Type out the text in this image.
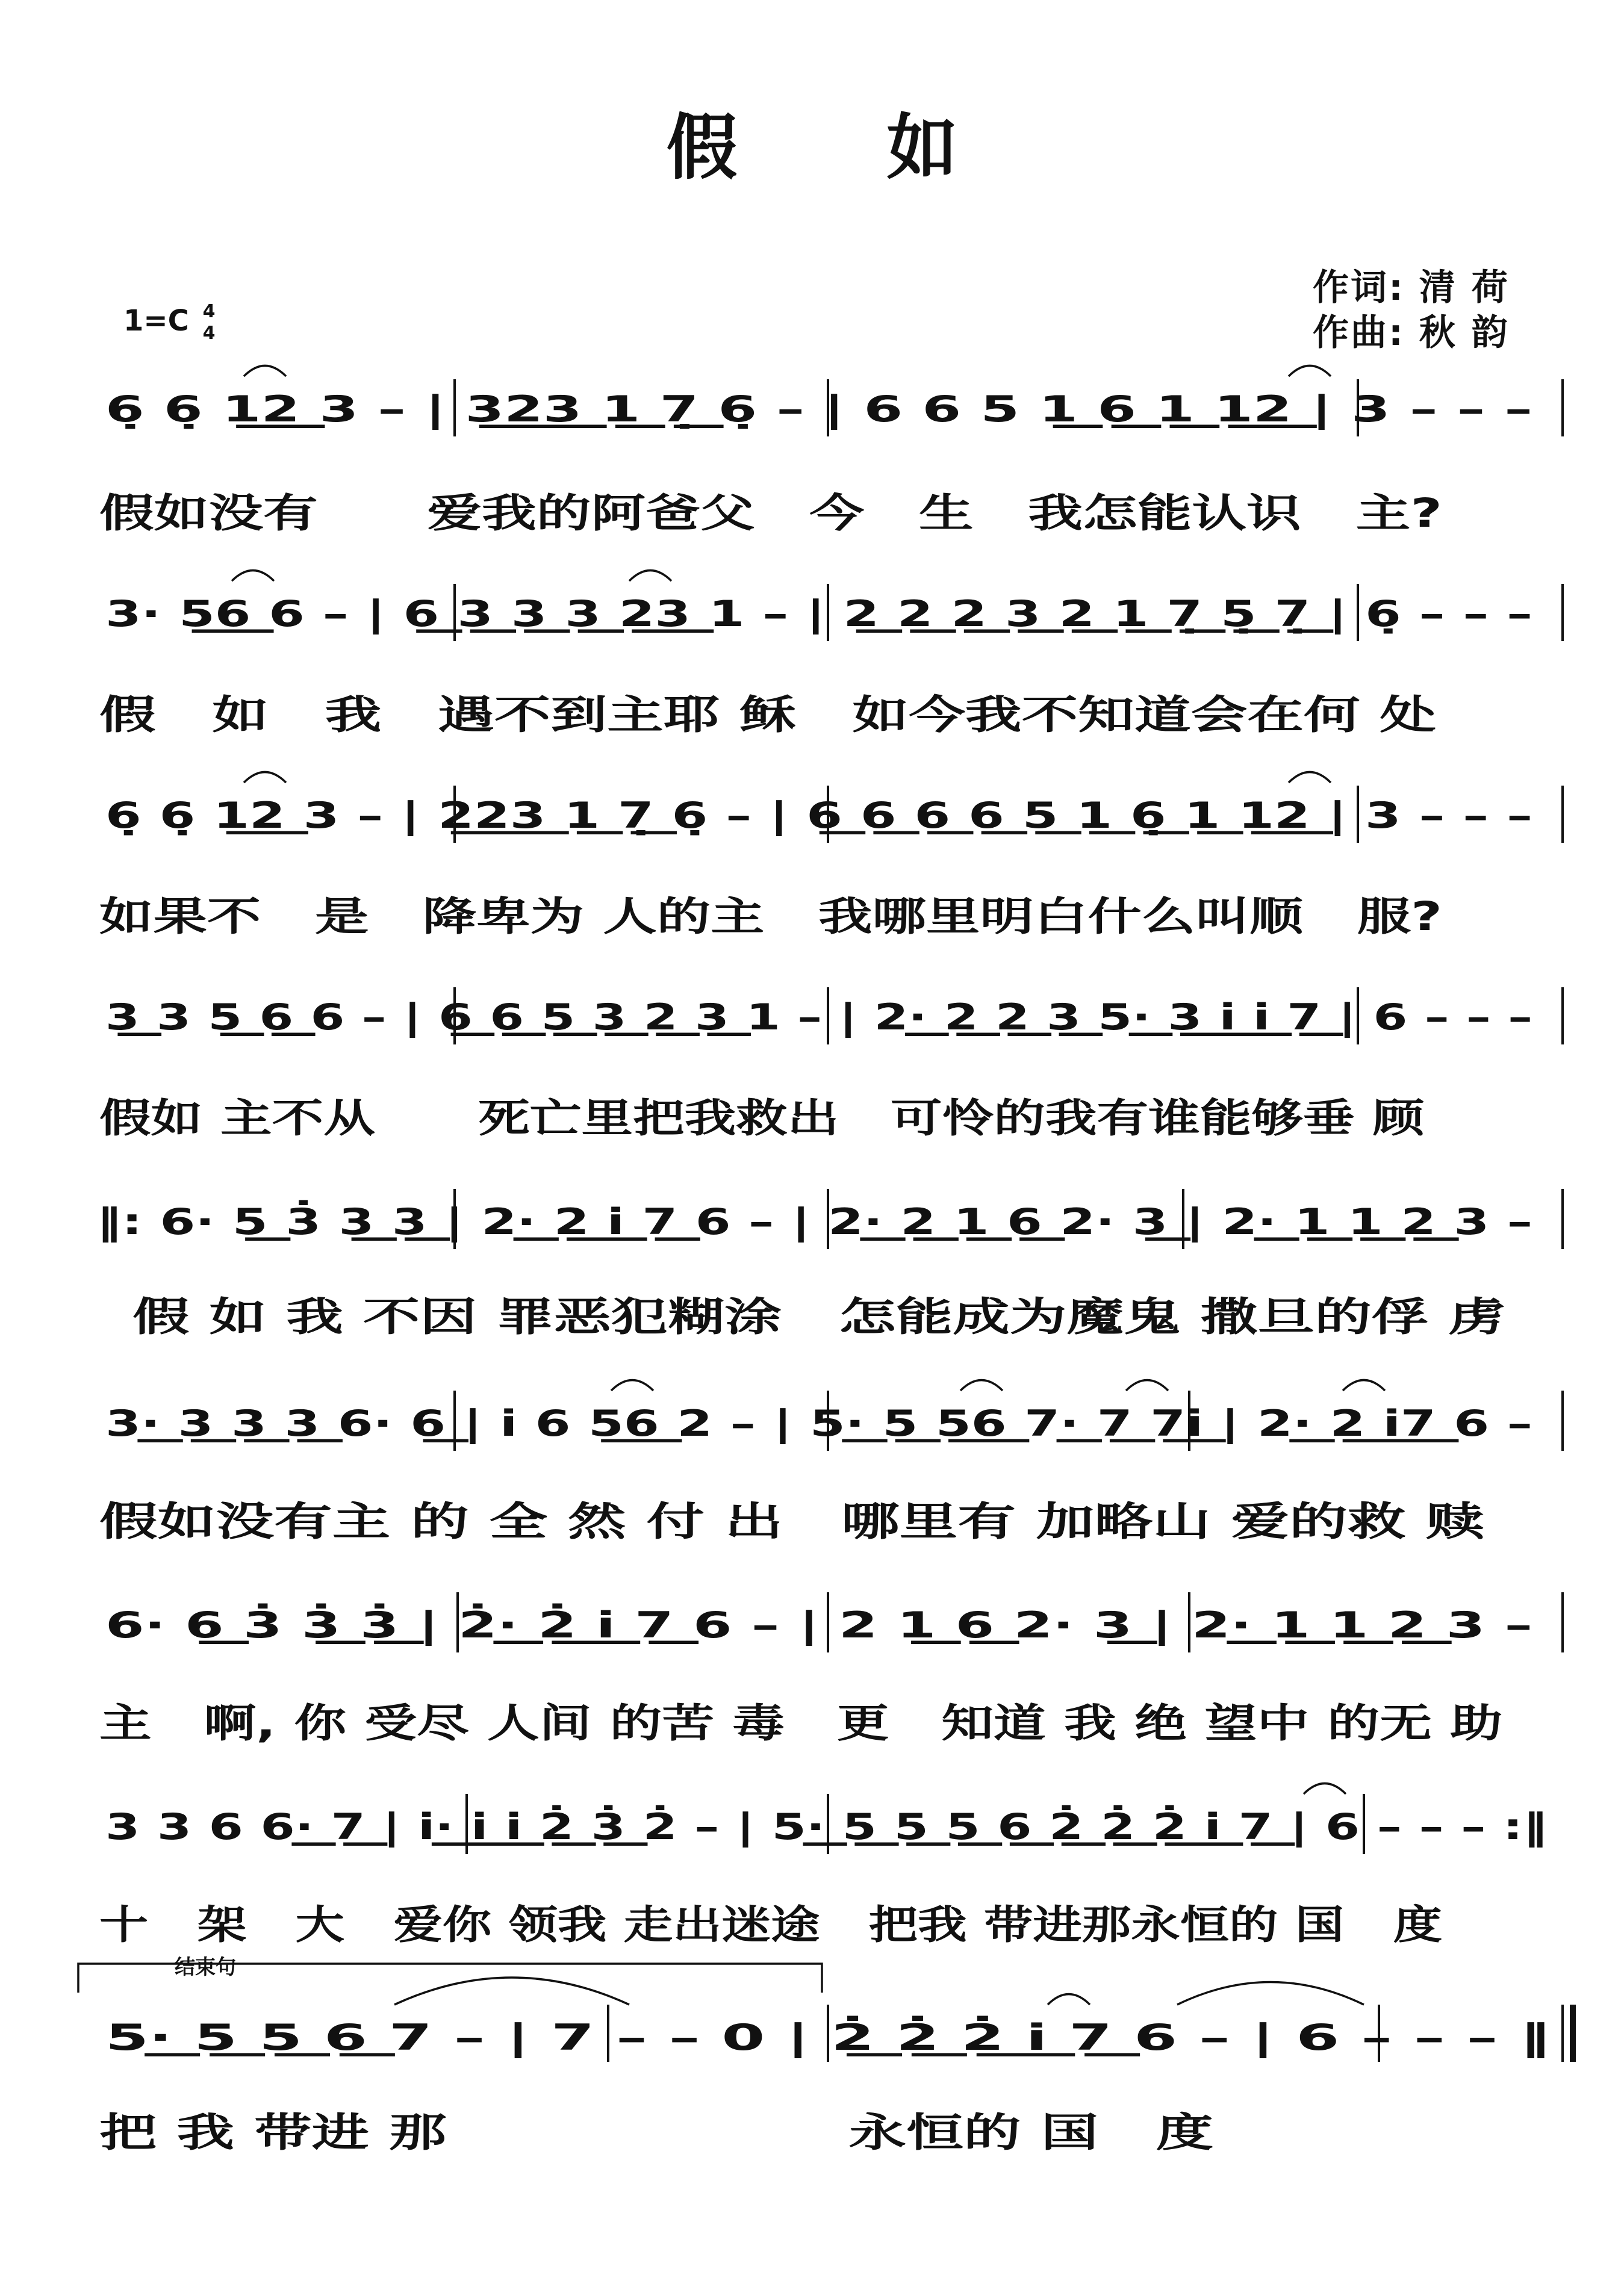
假　如
1=C 4
4
作词: 清 荷
作曲: 秋 韵
结束句
6̣ 6̣ 1͟2͟ 3 – | 3͟2͟3͟ 1͟ 7̣͟ 6̣ – | 6 6 5 1͟ 6͟ 1͟ 1͟2͟ | 3 – – –
假如没有　　爱我的阿爸父　今　生　我怎能认识　主?
3· 5͟6͟ 6 – | 6͟ 3͟ 3͟ 3͟ 2͟3͟ 1 – | 2͟ 2͟ 2͟ 3͟ 2͟ 1͟ 7̣͟ 5̣͟ 7̣͟ | 6̣ – – –
假　如　我　遇不到主耶 稣　如今我不知道会在何 处
6̣ 6̣ 1͟2͟ 3 – | 2͟2͟3͟ 1͟ 7̣͟ 6̣ – | 6͟ 6͟ 6͟ 6͟ 5͟ 1͟ 6̣͟ 1͟ 1͟2͟ | 3 – – –
如果不　是　降卑为 人的主　我哪里明白什么叫顺　服?
3͟ 3 5͟ 6͟ 6 – | 6͟ 6͟ 5͟ 3͟ 2͟ 3͟ 1 – | 2·͟ 2͟ 2͟ 3͟ 5·͟ 3͟ i͟ i͟ 7͟ | 6 – – –
假如 主不从　　死亡里把我救出　可怜的我有谁能够垂 顾
‖: 6· 5͟ 3̇ 3͟ 3͟ | 2·͟ 2͟ i͟ 7͟ 6 – | 2·͟ 2͟ 1͟ 6͟ 2· 3͟ | 2·͟ 1͟ 1͟ 2͟ 3 –
假 如 我 不因 罪恶犯糊涂　怎能成为魔鬼 撒旦的俘 虏
3·͟ 3͟ 3͟ 3͟ 6· 6͟ | i 6 5͟6͟ 2 – | 5·͟ 5͟ 5͟6͟ 7·͟ 7͟ 7͟i͟ | 2·͟ 2͟ i͟7͟ 6 –
假如没有主 的 全 然 付 出　哪里有 加略山 爱的救 赎
6· 6͟ 3̇ 3̇͟ 3̇͟ | 2̇·͟ 2̇͟ i͟ 7͟ 6 – | 2 1͟ 6͟ 2· 3͟ | 2·͟ 1͟ 1͟ 2͟ 3 –
主　啊, 你 受尽 人间 的苦 毒　更　知道 我 绝 望中 的无 助
3 3 6 6·͟ 7͟ | i·͟ i͟ i͟ 2̇͟ 3̇͟ 2̇ – | 5·͟ 5͟ 5͟ 5͟ 6͟ 2̇͟ 2̇͟ 2̇͟ i͟ 7͟ | 6 – – – :‖
十　架　大　爱你 领我 走出迷途　把我 带进那永恒的 国　度
5·͟ 5͟ 5͟ 6͟ 7 – | 7 – – 0 | 2̇͟ 2̇͟ 2̇͟ i͟ 7͟ 6 – | 6 – – – ‖
把 我 带进 那　　　　　　　永恒的 国　度
